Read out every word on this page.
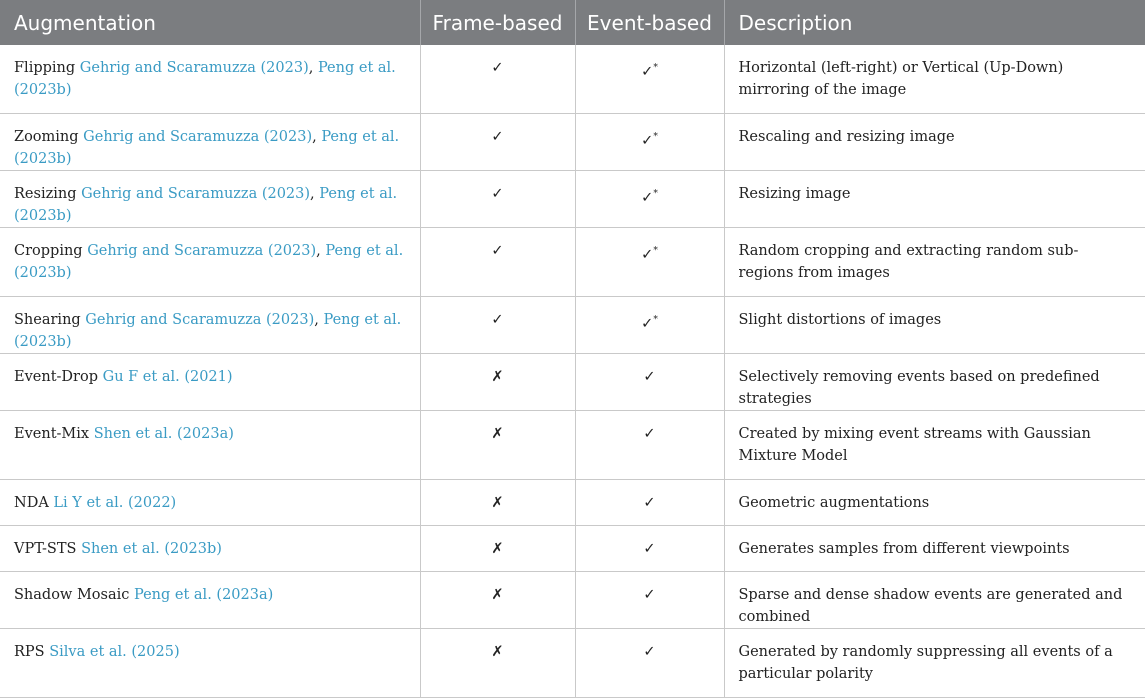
Augmentation	Frame-based	Event-based	Description
Flipping Gehrig and Scaramuzza (2023), Peng et al. (2023b)	✓	✓*	Horizontal (left-right) or Vertical (Up-Down) mirroring of the image
Zooming Gehrig and Scaramuzza (2023), Peng et al. (2023b)	✓	✓*	Rescaling and resizing image
Resizing Gehrig and Scaramuzza (2023), Peng et al. (2023b)	✓	✓*	Resizing image
Cropping Gehrig and Scaramuzza (2023), Peng et al. (2023b)	✓	✓*	Random cropping and extracting random sub-regions from images
Shearing Gehrig and Scaramuzza (2023), Peng et al. (2023b)	✓	✓*	Slight distortions of images
Event-Drop Gu F et al. (2021)	✗	✓	Selectively removing events based on predefined strategies
Event-Mix Shen et al. (2023a)	✗	✓	Created by mixing event streams with Gaussian Mixture Model
NDA Li Y et al. (2022)	✗	✓	Geometric augmentations
VPT-STS Shen et al. (2023b)	✗	✓	Generates samples from different viewpoints
Shadow Mosaic Peng et al. (2023a)	✗	✓	Sparse and dense shadow events are generated and combined
RPS Silva et al. (2025)	✗	✓	Generated by randomly suppressing all events of a particular polarity
